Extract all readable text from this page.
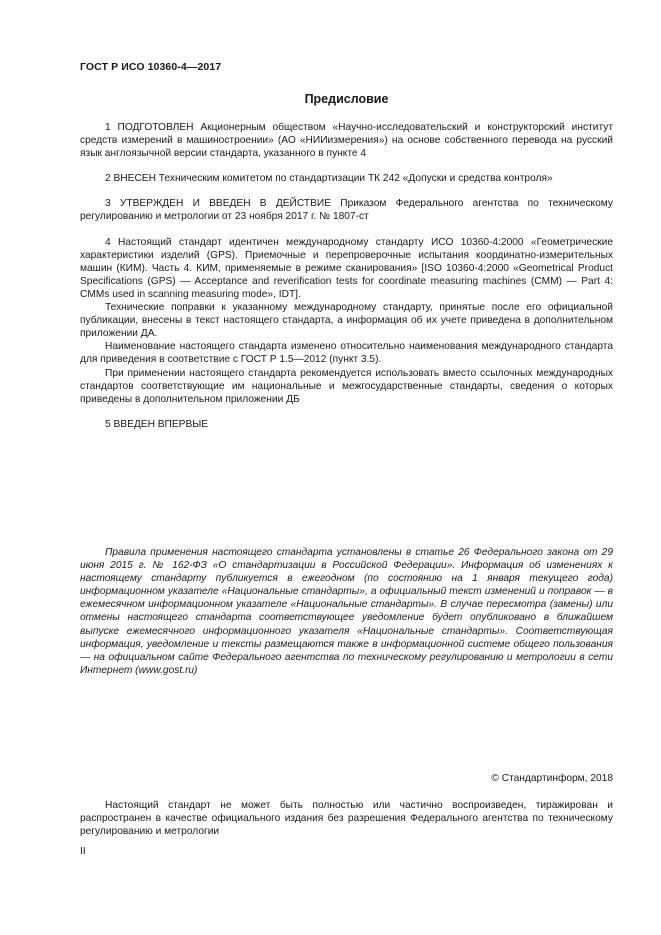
ГОСТ Р ИСО 10360-4—2017
Предисловие

1 ПОДГОТОВЛЕН Акционерным обществом «Научно-исследовательский и конструкторский институт средств измерений в машиностроении» (АО «НИИизмерения») на основе собственного перевода на русский язык англоязычной версии стандарта, указанного в пункте 4

2 ВНЕСЕН Техническим комитетом по стандартизации ТК 242 «Допуски и средства контроля»

3 УТВЕРЖДЕН И ВВЕДЕН В ДЕЙСТВИЕ Приказом Федерального агентства по техническому регулированию и метрологии от 23 ноября 2017 г. № 1807-ст

4 Настоящий стандарт идентичен международному стандарту ИСО 10360-4:2000 «Геометрические характеристики изделий (GPS). Приемочные и перепроверочные испытания координатно-измерительных машин (КИМ). Часть 4. КИМ, применяемые в режиме сканирования» [ISO 10360-4:2000 «Geometrical Product Specifications (GPS) — Acceptance and reverification tests for coordinate measuring machines (CMM) — Part 4: CMMs used in scanning measuring mode», IDT].

Технические поправки к указанному международному стандарту, принятые после его официальной публикации, внесены в текст настоящего стандарта, а информация об их учете приведена в дополнительном приложении ДА.

Наименование настоящего стандарта изменено относительно наименования международного стандарта для приведения в соответствие с ГОСТ Р 1.5—2012 (пункт 3.5).

При применении настоящего стандарта рекомендуется использовать вместо ссылочных международных стандартов соответствующие им национальные и межгосударственные стандарты, сведения о которых приведены в дополнительном приложении ДБ

5 ВВЕДЕН ВПЕРВЫЕ

Правила применения настоящего стандарта установлены в статье 26 Федерального закона от 29 июня 2015 г. № 162-ФЗ «О стандартизации в Российской Федерации». Информация об изменениях к настоящему стандарту публикуется в ежегодном (по состоянию на 1 января текущего года) информационном указателе «Национальные стандарты», а официальный текст изменений и поправок — в ежемесячном информационном указателе «Национальные стандарты». В случае пересмотра (замены) или отмены настоящего стандарта соответствующее уведомление будет опубликовано в ближайшем выпуске ежемесячного информационного указателя «Национальные стандарты». Соответствующая информация, уведомление и тексты размещаются также в информационной системе общего пользования — на официальном сайте Федерального агентства по техническому регулированию и метрологии в сети Интернет (www.gost.ru)

© Стандартинформ, 2018

Настоящий стандарт не может быть полностью или частично воспроизведен, тиражирован и распространен в качестве официального издания без разрешения Федерального агентства по техническому регулированию и метрологии

II
